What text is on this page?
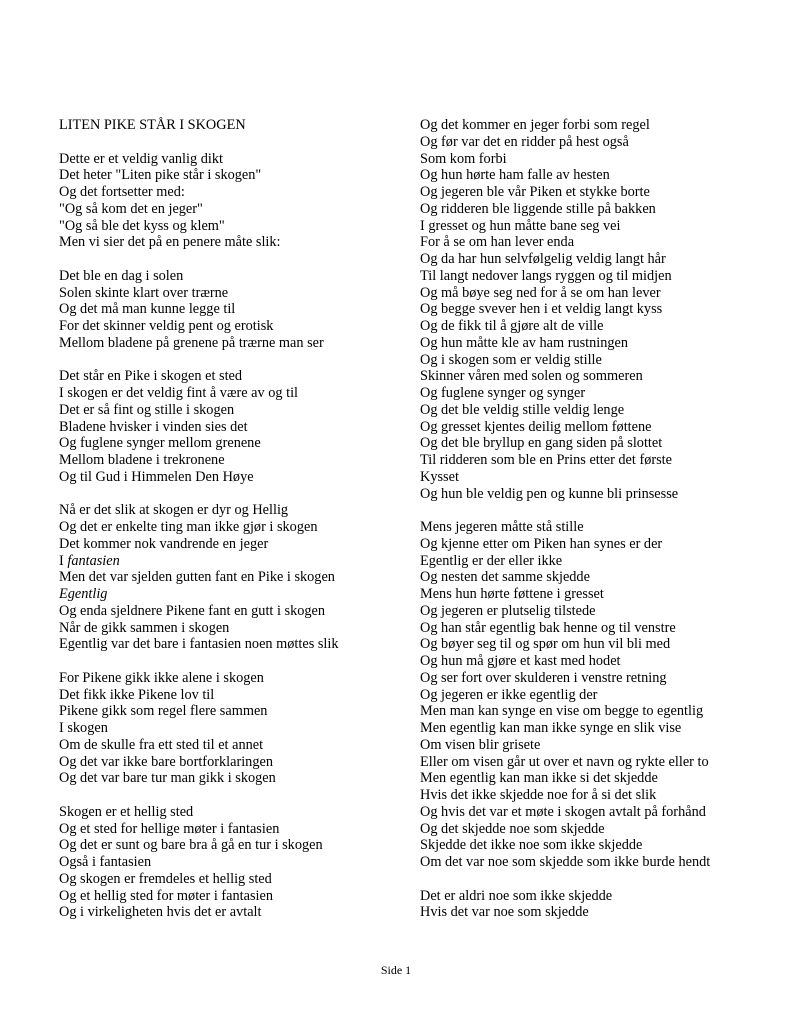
LITEN PIKE STÅR I SKOGEN
Dette er et veldig vanlig dikt
Det heter "Liten pike står i skogen"
Og det fortsetter med:
"Og så kom det en jeger"
"Og så ble det kyss og klem"
Men vi sier det på en penere måte slik:
Det ble en dag i solen
Solen skinte klart over trærne
Og det må man kunne legge til
For det skinner veldig pent og erotisk
Mellom bladene på grenene på trærne man ser
Det står en Pike i skogen et sted
I skogen er det veldig fint å være av og til
Det er så fint og stille i skogen
Bladene hvisker i vinden sies det
Og fuglene synger mellom grenene
Mellom bladene i trekronene
Og til Gud i Himmelen Den Høye
Nå er det slik at skogen er dyr og Hellig
Og det er enkelte ting man ikke gjør i skogen
Det kommer nok vandrende en jeger
I fantasien
Men det var sjelden gutten fant en Pike i skogen
Egentlig
Og enda sjeldnere Pikene fant en gutt i skogen
Når de gikk sammen i skogen
Egentlig var det bare i fantasien noen møttes slik
For Pikene gikk ikke alene i skogen
Det fikk ikke Pikene lov til
Pikene gikk som regel flere sammen
I skogen
Om de skulle fra ett sted til et annet
Og det var ikke bare bortforklaringen
Og det var bare tur man gikk i skogen
Skogen er et hellig sted
Og et sted for hellige møter i fantasien
Og det er sunt og bare bra å gå en tur i skogen
Også i fantasien
Og skogen er fremdeles et hellig sted
Og et hellig sted for møter i fantasien
Og i virkeligheten hvis det er avtalt
Og det kommer en jeger forbi som regel
Og før var det en ridder på hest også
Som kom forbi
Og hun hørte ham falle av hesten
Og jegeren ble vår Piken et stykke borte
Og ridderen ble liggende stille på bakken
I gresset og hun måtte bane seg vei
For å se om han lever enda
Og da har hun selvfølgelig veldig langt hår
Til langt nedover langs ryggen og til midjen
Og må bøye seg ned for å se om han lever
Og begge svever hen i et veldig langt kyss
Og de fikk til å gjøre alt de ville
Og hun måtte kle av ham rustningen
Og i skogen som er veldig stille
Skinner våren med solen og sommeren
Og fuglene synger og synger
Og det ble veldig stille veldig lenge
Og gresset kjentes deilig mellom føttene
Og det ble bryllup en gang siden på slottet
Til ridderen som ble en Prins etter det første
Kysset
Og hun ble veldig pen og kunne bli prinsesse
Mens jegeren måtte stå stille
Og kjenne etter om Piken han synes er der
Egentlig er der eller ikke
Og nesten det samme skjedde
Mens hun hørte føttene i gresset
Og jegeren er plutselig tilstede
Og han står egentlig bak henne og til venstre
Og bøyer seg til og spør om hun vil bli med
Og hun må gjøre et kast med hodet
Og ser fort over skulderen i venstre retning
Og jegeren er ikke egentlig der
Men man kan synge en vise om begge to egentlig
Men egentlig kan man ikke synge en slik vise
Om visen blir grisete
Eller om visen går ut over et navn og rykte eller to
Men egentlig kan man ikke si det skjedde
Hvis det ikke skjedde noe for å si det slik
Og hvis det var et møte i skogen avtalt på forhånd
Og det skjedde noe som skjedde
Skjedde det ikke noe som ikke skjedde
Om det var noe som skjedde som ikke burde hendt
Det er aldri noe som ikke skjedde
Hvis det var noe som skjedde
Side 1
